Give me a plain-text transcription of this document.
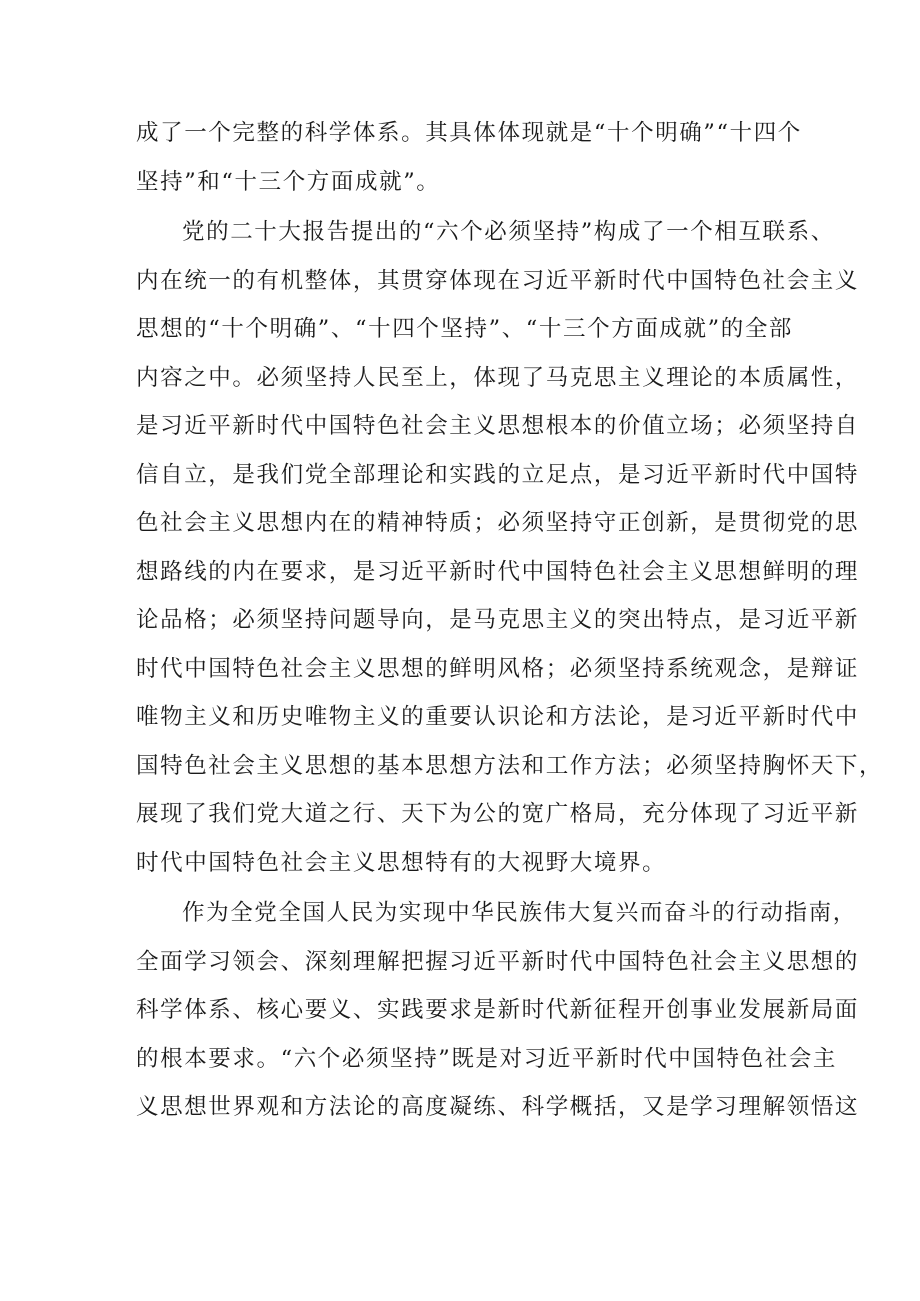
成了一个完整的科学体系。其具体体现就是“十个明确”“十四个
坚持”和“十三个方面成就”。
党的二十大报告提出的“六个必须坚持”构成了一个相互联系、
内在统一的有机整体，其贯穿体现在习近平新时代中国特色社会主义
思想的“十个明确”、“十四个坚持”、“十三个方面成就”的全部
内容之中。必须坚持人民至上，体现了马克思主义理论的本质属性，
是习近平新时代中国特色社会主义思想根本的价值立场；必须坚持自
信自立，是我们党全部理论和实践的立足点，是习近平新时代中国特
色社会主义思想内在的精神特质；必须坚持守正创新，是贯彻党的思
想路线的内在要求，是习近平新时代中国特色社会主义思想鲜明的理
论品格；必须坚持问题导向，是马克思主义的突出特点，是习近平新
时代中国特色社会主义思想的鲜明风格；必须坚持系统观念，是辩证
唯物主义和历史唯物主义的重要认识论和方法论，是习近平新时代中
国特色社会主义思想的基本思想方法和工作方法；必须坚持胸怀天下，
展现了我们党大道之行、天下为公的宽广格局，充分体现了习近平新
时代中国特色社会主义思想特有的大视野大境界。
作为全党全国人民为实现中华民族伟大复兴而奋斗的行动指南，
全面学习领会、深刻理解把握习近平新时代中国特色社会主义思想的
科学体系、核心要义、实践要求是新时代新征程开创事业发展新局面
的根本要求。“六个必须坚持”既是对习近平新时代中国特色社会主
义思想世界观和方法论的高度凝练、科学概括，又是学习理解领悟这
